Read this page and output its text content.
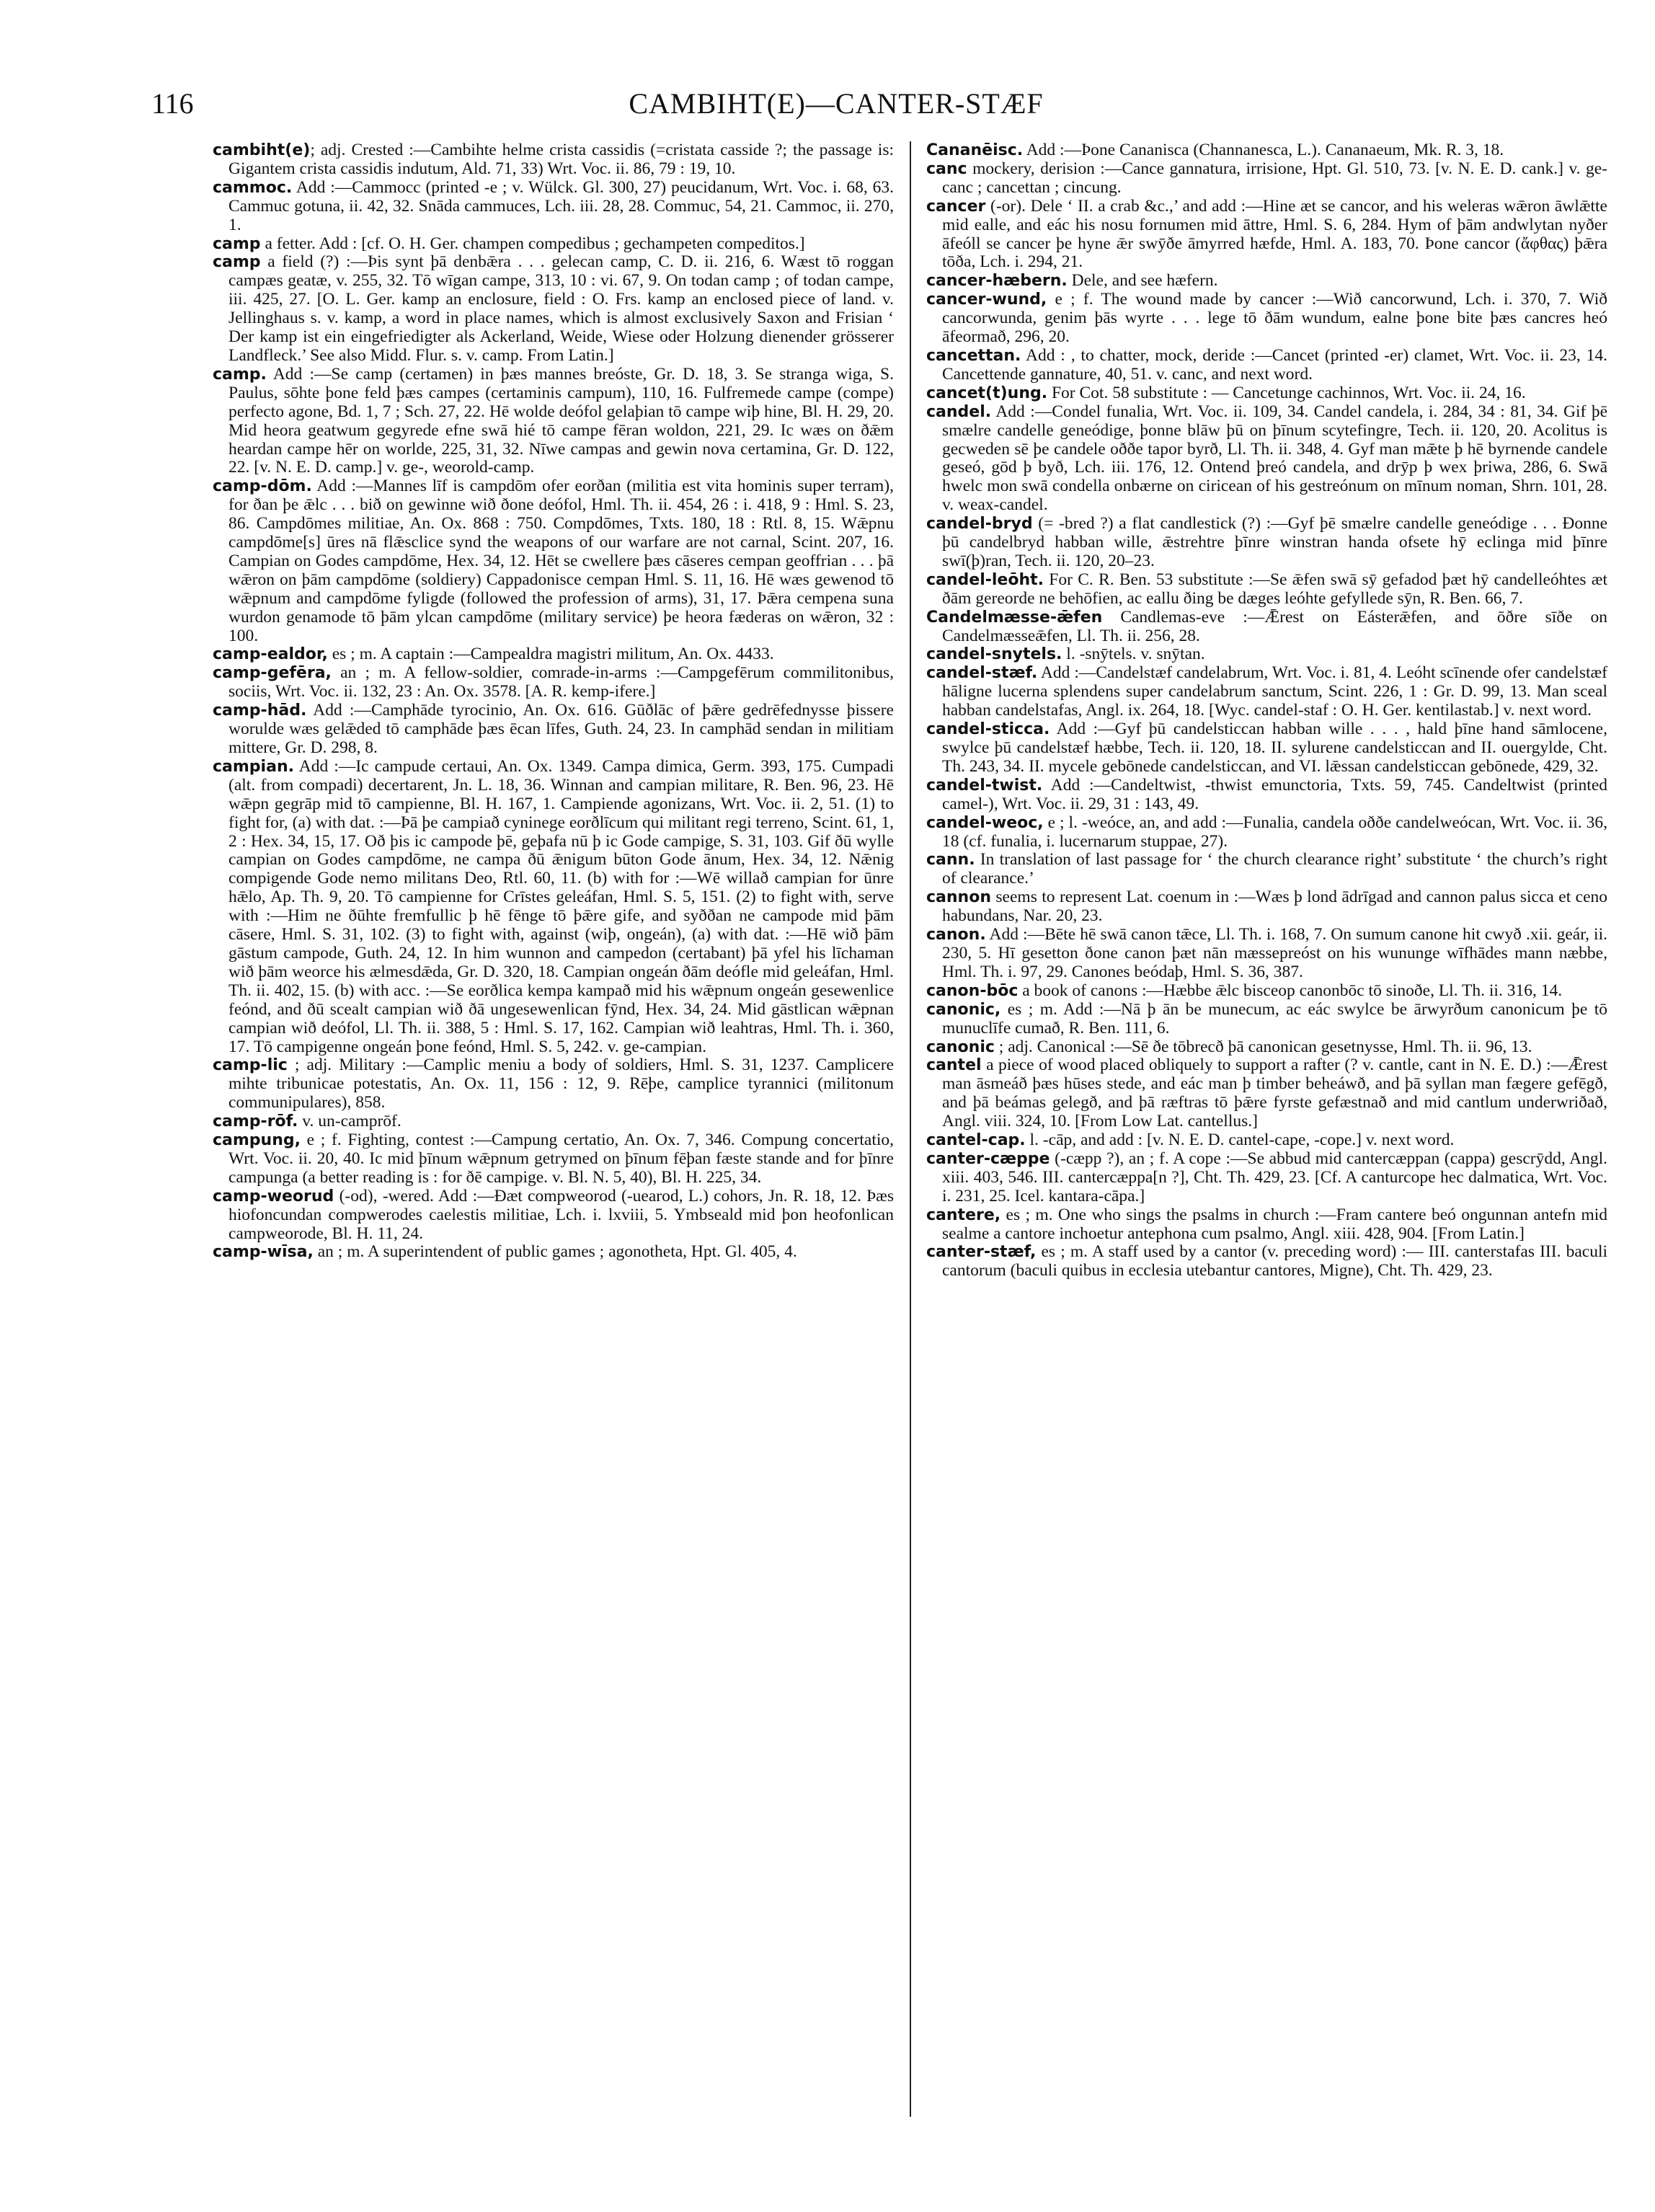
116	CAMBIHT(E)—CANTER-STÆF

cambiht(e); adj. Crested :—Cambihte helme crista cassidis (=cristata casside ?; the passage is: Gigantem crista cassidis indutum, Ald. 71, 33) Wrt. Voc. ii. 86, 79 : 19, 10.

cammoc. Add :—Cammocc (printed -e ; v. Wülck. Gl. 300, 27) peucidanum, Wrt. Voc. i. 68, 63. Cammuc gotuna, ii. 42, 32. Snāda cammuces, Lch. iii. 28, 28. Commuc, 54, 21. Cammoc, ii. 270, 1.

camp a fetter. Add : [cf. O. H. Ger. champen compedibus ; gechampeten compeditos.]

camp a field (?) :—Þis synt þā denbǣra . . . gelecan camp, C. D. ii. 216, 6. Wæst tō roggan campæs geatæ, v. 255, 32. Tō wīgan campe, 313, 10 : vi. 67, 9. On todan camp ; of todan campe, iii. 425, 27. [O. L. Ger. kamp an enclosure, field : O. Frs. kamp an enclosed piece of land. v. Jellinghaus s. v. kamp, a word in place names, which is almost exclusively Saxon and Frisian ‘ Der kamp ist ein eingefriedigter als Ackerland, Weide, Wiese oder Holzung dienender grösserer Landfleck.’ See also Midd. Flur. s. v. camp. From Latin.]

camp. Add :—Se camp (certamen) in þæs mannes breóste, Gr. D. 18, 3. Se stranga wiga, S. Paulus, sōhte þone feld þæs campes (certaminis campum), 110, 16. Fulfremede campe (compe) perfecto agone, Bd. 1, 7 ; Sch. 27, 22. Hē wolde deófol gelaþian tō campe wiþ hine, Bl. H. 29, 20. Mid heora geatwum gegyrede efne swā hié tō campe fēran woldon, 221, 29. Ic wæs on ðǣm heardan campe hēr on worlde, 225, 31, 32. Nīwe campas and gewin nova certamina, Gr. D. 122, 22. [v. N. E. D. camp.] v. ge-, weorold-camp.

camp-dōm. Add :—Mannes līf is campdōm ofer eorðan (militia est vita hominis super terram), for ðan þe ǣlc . . . bið on gewinne wið ðone deófol, Hml. Th. ii. 454, 26 : i. 418, 9 : Hml. S. 23, 86. Campdōmes militiae, An. Ox. 868 : 750. Compdōmes, Txts. 180, 18 : Rtl. 8, 15. Wǣpnu campdōme[s] ūres nā flǣsclice synd the weapons of our warfare are not carnal, Scint. 207, 16. Campian on Godes campdōme, Hex. 34, 12. Hēt se cwellere þæs cāseres cempan geoffrian . . . þā wǣron on þām campdōme (soldiery) Cappadonisce cempan Hml. S. 11, 16. Hē wæs gewenod tō wǣpnum and campdōme fyligde (followed the profession of arms), 31, 17. Þǣra cempena suna wurdon genamode tō þām ylcan campdōme (military service) þe heora fæderas on wǣron, 32 : 100.

camp-ealdor, es ; m. A captain :—Campealdra magistri militum, An. Ox. 4433.

camp-gefēra, an ; m. A fellow-soldier, comrade-in-arms :—Campgefērum commilitonibus, sociis, Wrt. Voc. ii. 132, 23 : An. Ox. 3578. [A. R. kemp-ifere.]

camp-hād. Add :—Camphāde tyrocinio, An. Ox. 616. Gūðlāc of þǣre gedrēfednysse þissere worulde wæs gelǣded tō camphāde þæs ēcan līfes, Guth. 24, 23. In camphād sendan in militiam mittere, Gr. D. 298, 8.

campian. Add :—Ic campude certaui, An. Ox. 1349. Campa dimica, Germ. 393, 175. Cumpadi (alt. from compadi) decertarent, Jn. L. 18, 36. Winnan and campian militare, R. Ben. 96, 23. Hē wǣpn gegrāp mid tō campienne, Bl. H. 167, 1. Campiende agonizans, Wrt. Voc. ii. 2, 51. (1) to fight for, (a) with dat. :—Þā þe campiað cyninege eorðlīcum qui militant regi terreno, Scint. 61, 1, 2 : Hex. 34, 15, 17. Oð þis ic campode þē, geþafa nū þ ic Gode campige, S. 31, 103. Gif ðū wylle campian on Godes campdōme, ne campa ðū ǣnigum būton Gode ānum, Hex. 34, 12. Nǣnig compigende Gode nemo militans Deo, Rtl. 60, 11. (b) with for :—Wē willað campian for ūnre hǣlo, Ap. Th. 9, 20. Tō campienne for Crīstes geleáfan, Hml. S. 5, 151. (2) to fight with, serve with :—Him ne ðūhte fremfullic þ hē fēnge tō þǣre gife, and syððan ne campode mid þām cāsere, Hml. S. 31, 102. (3) to fight with, against (wiþ, ongeán), (a) with dat. :—Hē wið þām gāstum campode, Guth. 24, 12. In him wunnon and campedon (certabant) þā yfel his līchaman wið þām weorce his ælmesdǣda, Gr. D. 320, 18. Campian ongeán ðām deófle mid geleáfan, Hml. Th. ii. 402, 15. (b) with acc. :—Se eorðlica kempa kampað mid his wǣpnum ongeán gesewenlice feónd, and ðū scealt campian wið ðā ungesewenlican fȳnd, Hex. 34, 24. Mid gāstlican wǣpnan campian wið deófol, Ll. Th. ii. 388, 5 : Hml. S. 17, 162. Campian wið leahtras, Hml. Th. i. 360, 17. Tō campigenne ongeán þone feónd, Hml. S. 5, 242. v. ge-campian.

camp-lic ; adj. Military :—Camplic meniu a body of soldiers, Hml. S. 31, 1237. Camplicere mihte tribunicae potestatis, An. Ox. 11, 156 : 12, 9. Rēþe, camplice tyrannici (militonum communipulares), 858.

camp-rōf. v. un-camprōf.

campung, e ; f. Fighting, contest :—Campung certatio, An. Ox. 7, 346. Compung concertatio, Wrt. Voc. ii. 20, 40. Ic mid þīnum wǣpnum getrymed on þīnum fēþan fæste stande and for þīnre campunga (a better reading is : for ðē campige. v. Bl. N. 5, 40), Bl. H. 225, 34.

camp-weorud (-od), -wered. Add :—Ðæt compweorod (-uearod, L.) cohors, Jn. R. 18, 12. Þæs hiofoncundan compwerodes caelestis militiae, Lch. i. lxviii, 5. Ymbseald mid þon heofonlican campweorode, Bl. H. 11, 24.

camp-wīsa, an ; m. A superintendent of public games ; agonotheta, Hpt. Gl. 405, 4.

Cananēisc. Add :—Þone Cananisca (Channanesca, L.). Cananaeum, Mk. R. 3, 18.

canc mockery, derision :—Cance gannatura, irrisione, Hpt. Gl. 510, 73. [v. N. E. D. cank.] v. ge-canc ; cancettan ; cincung.

cancer (-or). Dele ‘ II. a crab &c.,’ and add :—Hine æt se cancor, and his weleras wǣron āwlǣtte mid ealle, and eác his nosu fornumen mid āttre, Hml. S. 6, 284. Hym of þām andwlytan nyðer āfeóll se cancer þe hyne ǣr swȳðe āmyrred hæfde, Hml. A. 183, 70. Þone cancor (ἄφθας) þǣra tōða, Lch. i. 294, 21.

cancer-hæbern. Dele, and see hæfern.

cancer-wund, e ; f. The wound made by cancer :—Wið cancorwund, Lch. i. 370, 7. Wið cancorwunda, genim þās wyrte . . . lege tō ðām wundum, ealne þone bite þæs cancres heó āfeormað, 296, 20.

cancettan. Add : , to chatter, mock, deride :—Cancet (printed -er) clamet, Wrt. Voc. ii. 23, 14. Cancettende gannature, 40, 51. v. canc, and next word.

cancet(t)ung. For Cot. 58 substitute : — Cancetunge cachinnos, Wrt. Voc. ii. 24, 16.

candel. Add :—Condel funalia, Wrt. Voc. ii. 109, 34. Candel candela, i. 284, 34 : 81, 34. Gif þē smælre candelle geneódige, þonne blāw þū on þīnum scytefingre, Tech. ii. 120, 20. Acolitus is gecweden sē þe candele oððe tapor byrð, Ll. Th. ii. 348, 4. Gyf man mǣte þ hē byrnende candele geseó, gōd þ byð, Lch. iii. 176, 12. Ontend þreó candela, and drȳp þ wex þriwa, 286, 6. Swā hwelc mon swā condella onbærne on ciricean of his gestreónum on mīnum noman, Shrn. 101, 28. v. weax-candel.

candel-bryd (= -bred ?) a flat candlestick (?) :—Gyf þē smælre candelle geneódige . . . Ðonne þū candelbryd habban wille, ǣstrehtre þīnre winstran handa ofsete hȳ eclinga mid þīnre swī(þ)ran, Tech. ii. 120, 20–23.

candel-leōht. For C. R. Ben. 53 substitute :—Se ǣfen swā sȳ gefadod þæt hȳ candelleóhtes æt ðām gereorde ne behōfien, ac eallu ðing be dæges leóhte gefyllede sȳn, R. Ben. 66, 7.

Candelmæsse-ǣfen Candlemas-eve :—Ǣrest on Eásterǣfen, and ōðre sīðe on Candelmæsseǣfen, Ll. Th. ii. 256, 28.

candel-snytels. l. -snȳtels. v. snȳtan.

candel-stæf. Add :—Candelstæf candelabrum, Wrt. Voc. i. 81, 4. Leóht scīnende ofer candelstæf hāligne lucerna splendens super candelabrum sanctum, Scint. 226, 1 : Gr. D. 99, 13. Man sceal habban candelstafas, Angl. ix. 264, 18. [Wyc. candel-staf : O. H. Ger. kentilastab.] v. next word.

candel-sticca. Add :—Gyf þū candelsticcan habban wille . . . , hald þīne hand sāmlocene, swylce þū candelstæf hæbbe, Tech. ii. 120, 18. II. sylurene candelsticcan and II. ouergylde, Cht. Th. 243, 34. II. mycele gebōnede candelsticcan, and VI. lǣssan candelsticcan gebōnede, 429, 32.

candel-twist. Add :—Candeltwist, -thwist emunctoria, Txts. 59, 745. Candeltwist (printed camel-), Wrt. Voc. ii. 29, 31 : 143, 49.

candel-weoc, e ; l. -weóce, an, and add :—Funalia, candela oððe candelweócan, Wrt. Voc. ii. 36, 18 (cf. funalia, i. lucernarum stuppae, 27).

cann. In translation of last passage for ‘ the church clearance right’ substitute ‘ the church’s right of clearance.’

cannon seems to represent Lat. coenum in :—Wæs þ lond ādrīgad and cannon palus sicca et ceno habundans, Nar. 20, 23.

canon. Add :—Bēte hē swā canon tǣce, Ll. Th. i. 168, 7. On sumum canone hit cwyð .xii. geár, ii. 230, 5. Hī gesetton ðone canon þæt nān mæssepreóst on his wununge wīfhādes mann næbbe, Hml. Th. i. 97, 29. Canones beódaþ, Hml. S. 36, 387.

canon-bōc a book of canons :—Hæbbe ǣlc bisceop canonbōc tō sinoðe, Ll. Th. ii. 316, 14.

canonic, es ; m. Add :—Nā þ ān be munecum, ac eác swylce be ārwyrðum canonicum þe tō munuclīfe cumað, R. Ben. 111, 6.

canonic ; adj. Canonical :—Sē ðe tōbrecð þā canonican gesetnysse, Hml. Th. ii. 96, 13.

cantel a piece of wood placed obliquely to support a rafter (? v. cantle, cant in N. E. D.) :—Ǣrest man āsmeáð þæs hūses stede, and eác man þ timber beheáwð, and þā syllan man fægere gefēgð, and þā beámas gelegð, and þā ræftras tō þǣre fyrste gefæstnað and mid cantlum underwriðað, Angl. viii. 324, 10. [From Low Lat. cantellus.]

cantel-cap. l. -cāp, and add : [v. N. E. D. cantel-cape, -cope.] v. next word.

canter-cæppe (-cæpp ?), an ; f. A cope :—Se abbud mid cantercæppan (cappa) gescrȳdd, Angl. xiii. 403, 546. III. cantercæppa[n ?], Cht. Th. 429, 23. [Cf. A canturcope hec dalmatica, Wrt. Voc. i. 231, 25. Icel. kantara-cāpa.]

cantere, es ; m. One who sings the psalms in church :—Fram cantere beó ongunnan antefn mid sealme a cantore inchoetur antephona cum psalmo, Angl. xiii. 428, 904. [From Latin.]

canter-stæf, es ; m. A staff used by a cantor (v. preceding word) :— III. canterstafas III. baculi cantorum (baculi quibus in ecclesia utebantur cantores, Migne), Cht. Th. 429, 23.
